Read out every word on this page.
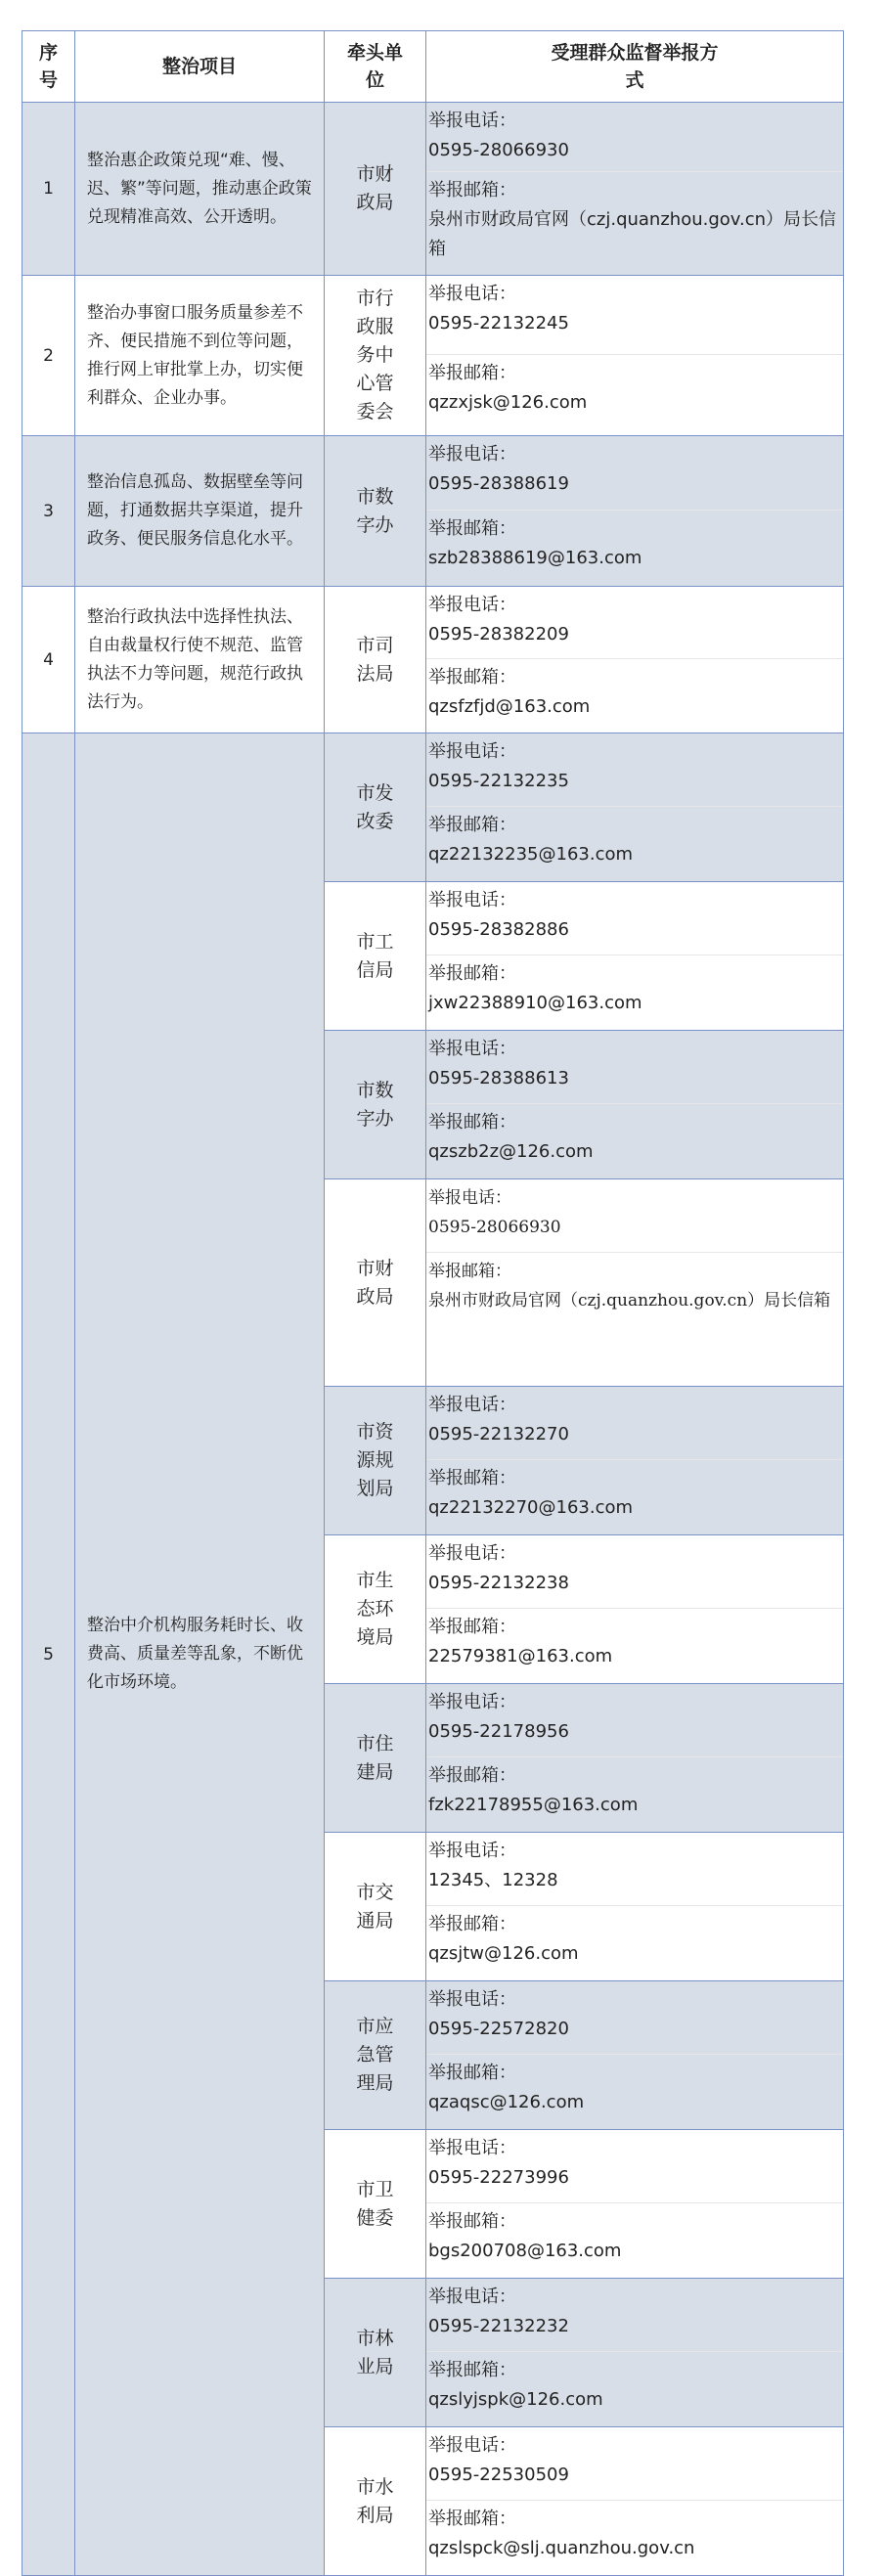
序号	整治项目	牵头单位	受理群众监督举报方式
1	整治惠企政策兑现“难、慢、迟、繁”等问题，推动惠企政策兑现精准高效、公开透明。	市财政局	举报电话：
0595-28066930
举报邮箱：
泉州市财政局官网（czj.quanzhou.gov.cn）局长信箱

2	整治办事窗口服务质量参差不齐、便民措施不到位等问题，推行网上审批掌上办，切实便利群众、企业办事。	市行政服务中心管委会	举报电话：
0595-22132245
举报邮箱：
qzzxjsk@126.com

3	整治信息孤岛、数据壁垒等问题，打通数据共享渠道，提升政务、便民服务信息化水平。	市数字办	举报电话：
0595-28388619
举报邮箱：
szb28388619@163.com

4	整治行政执法中选择性执法、自由裁量权行使不规范、监管执法不力等问题，规范行政执法行为。	市司法局	举报电话：
0595-28382209
举报邮箱：
qzsfzfjd@163.com

5	整治中介机构服务耗时长、收费高、质量差等乱象，不断优化市场环境。	市发改委	举报电话：
0595-22132235
举报邮箱：
qz22132235@163.com

		市工信局	举报电话：
0595-28382886
举报邮箱：
jxw22388910@163.com

		市数字办	举报电话：
0595-28388613
举报邮箱：
qzszb2z@126.com

		市财政局	举报电话：
0595-28066930
举报邮箱：
泉州市财政局官网（czj.quanzhou.gov.cn）局长信箱

		市资源规划局	举报电话：
0595-22132270
举报邮箱：
qz22132270@163.com

		市生态环境局	举报电话：
0595-22132238
举报邮箱：
22579381@163.com

		市住建局	举报电话：
0595-22178956
举报邮箱：
fzk22178955@163.com

		市交通局	举报电话：
12345、12328
举报邮箱：
qzsjtw@126.com

		市应急管理局	举报电话：
0595-22572820
举报邮箱：
qzaqsc@126.com

		市卫健委	举报电话：
0595-22273996
举报邮箱：
bgs200708@163.com

		市林业局	举报电话：
0595-22132232
举报邮箱：
qzslyjspk@126.com

		市水利局	举报电话：
0595-22530509
举报邮箱：
qzslspck@slj.quanzhou.gov.cn
